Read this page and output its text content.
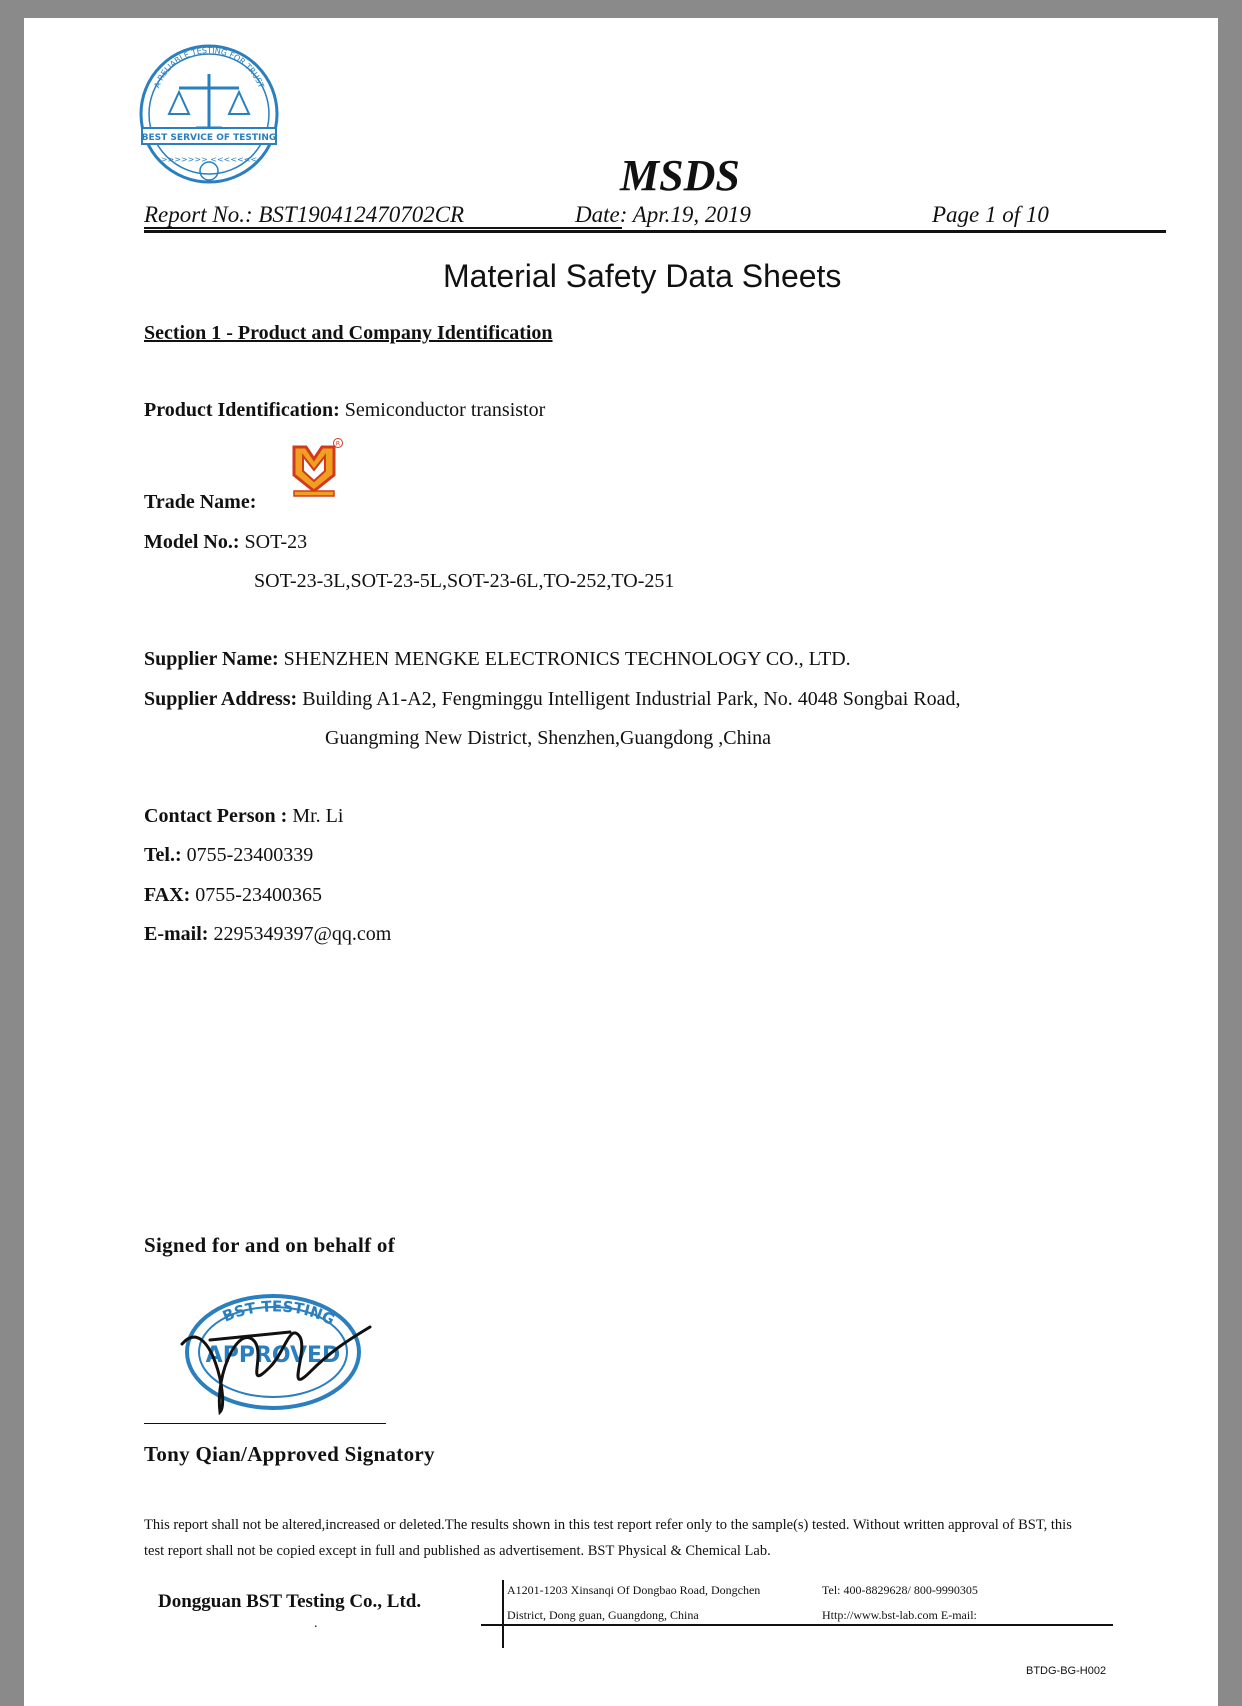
A RELIABLE TESTING FOR TRUST
BEST SERVICE OF TESTING
>>>>>>> <<<<<<<	MSDS
Report No.: BST190412470702CR	Date: Apr.19, 2019	Page 1 of 10
Material Safety Data Sheets
Section 1 - Product and Company Identification
Product Identification: Semiconductor transistor
R
Trade Name:
Model No.: SOT-23
SOT-23-3L,SOT-23-5L,SOT-23-6L,TO-252,TO-251
Supplier Name: SHENZHEN MENGKE ELECTRONICS TECHNOLOGY CO., LTD.
Supplier Address: Building A1-A2, Fengminggu Intelligent Industrial Park, No. 4048 Songbai Road,
Guangming New District, Shenzhen,Guangdong ,China
Contact Person : Mr. Li
Tel.: 0755-23400339
FAX: 0755-23400365
E-mail: 2295349397@qq.com
Signed for and on behalf of
BST TESTING
APPROVED
Tony Qian/Approved Signatory
This report shall not be altered,increased or deleted.The results shown in this test report refer only to the sample(s) tested. Without written approval of BST, this
test report shall not be copied except in full and published as advertisement. BST Physical & Chemical Lab.
Dongguan BST Testing Co., Ltd.
.
A1201-1203 Xinsanqi Of Dongbao Road, Dongchen
District, Dong guan, Guangdong, China
Tel: 400-8829628/ 800-9990305
Http://www.bst-lab.com E-mail:
BTDG-BG-H002
